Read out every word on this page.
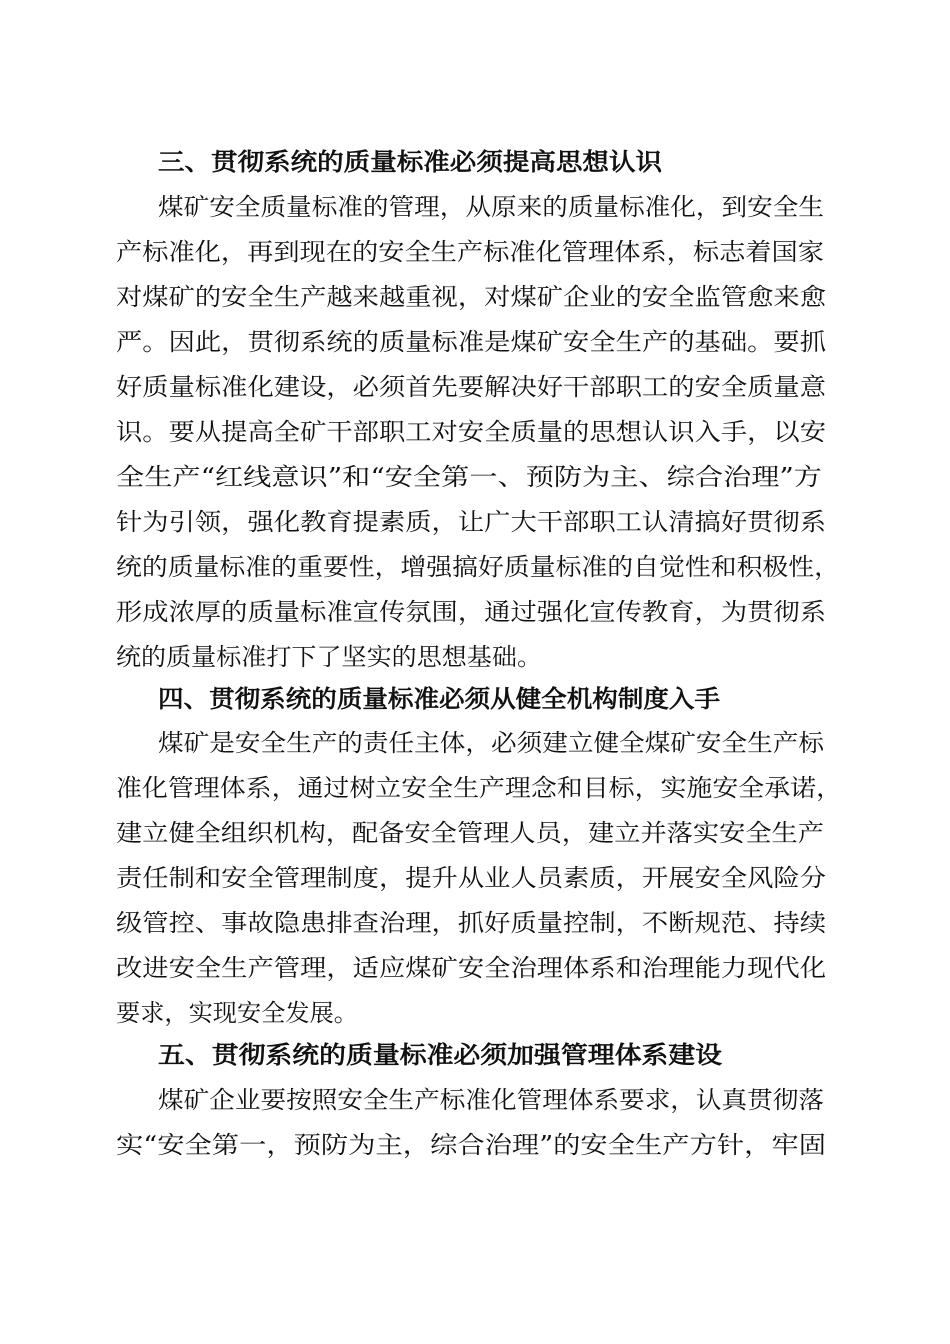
三、贯彻系统的质量标准必须提高思想认识
煤矿安全质量标准的管理，从原来的质量标准化，到安全生
产标准化，再到现在的安全生产标准化管理体系，标志着国家
对煤矿的安全生产越来越重视，对煤矿企业的安全监管愈来愈
严。因此，贯彻系统的质量标准是煤矿安全生产的基础。要抓
好质量标准化建设，必须首先要解决好干部职工的安全质量意
识。要从提高全矿干部职工对安全质量的思想认识入手，以安
全生产“红线意识”和“安全第一、预防为主、综合治理”方
针为引领，强化教育提素质，让广大干部职工认清搞好贯彻系
统的质量标准的重要性，增强搞好质量标准的自觉性和积极性，
形成浓厚的质量标准宣传氛围，通过强化宣传教育，为贯彻系
统的质量标准打下了坚实的思想基础。
四、贯彻系统的质量标准必须从健全机构制度入手
煤矿是安全生产的责任主体，必须建立健全煤矿安全生产标
准化管理体系，通过树立安全生产理念和目标，实施安全承诺，
建立健全组织机构，配备安全管理人员，建立并落实安全生产
责任制和安全管理制度，提升从业人员素质，开展安全风险分
级管控、事故隐患排查治理，抓好质量控制，不断规范、持续
改进安全生产管理，适应煤矿安全治理体系和治理能力现代化
要求，实现安全发展。
五、贯彻系统的质量标准必须加强管理体系建设
煤矿企业要按照安全生产标准化管理体系要求，认真贯彻落
实“安全第一，预防为主，综合治理”的安全生产方针，牢固
